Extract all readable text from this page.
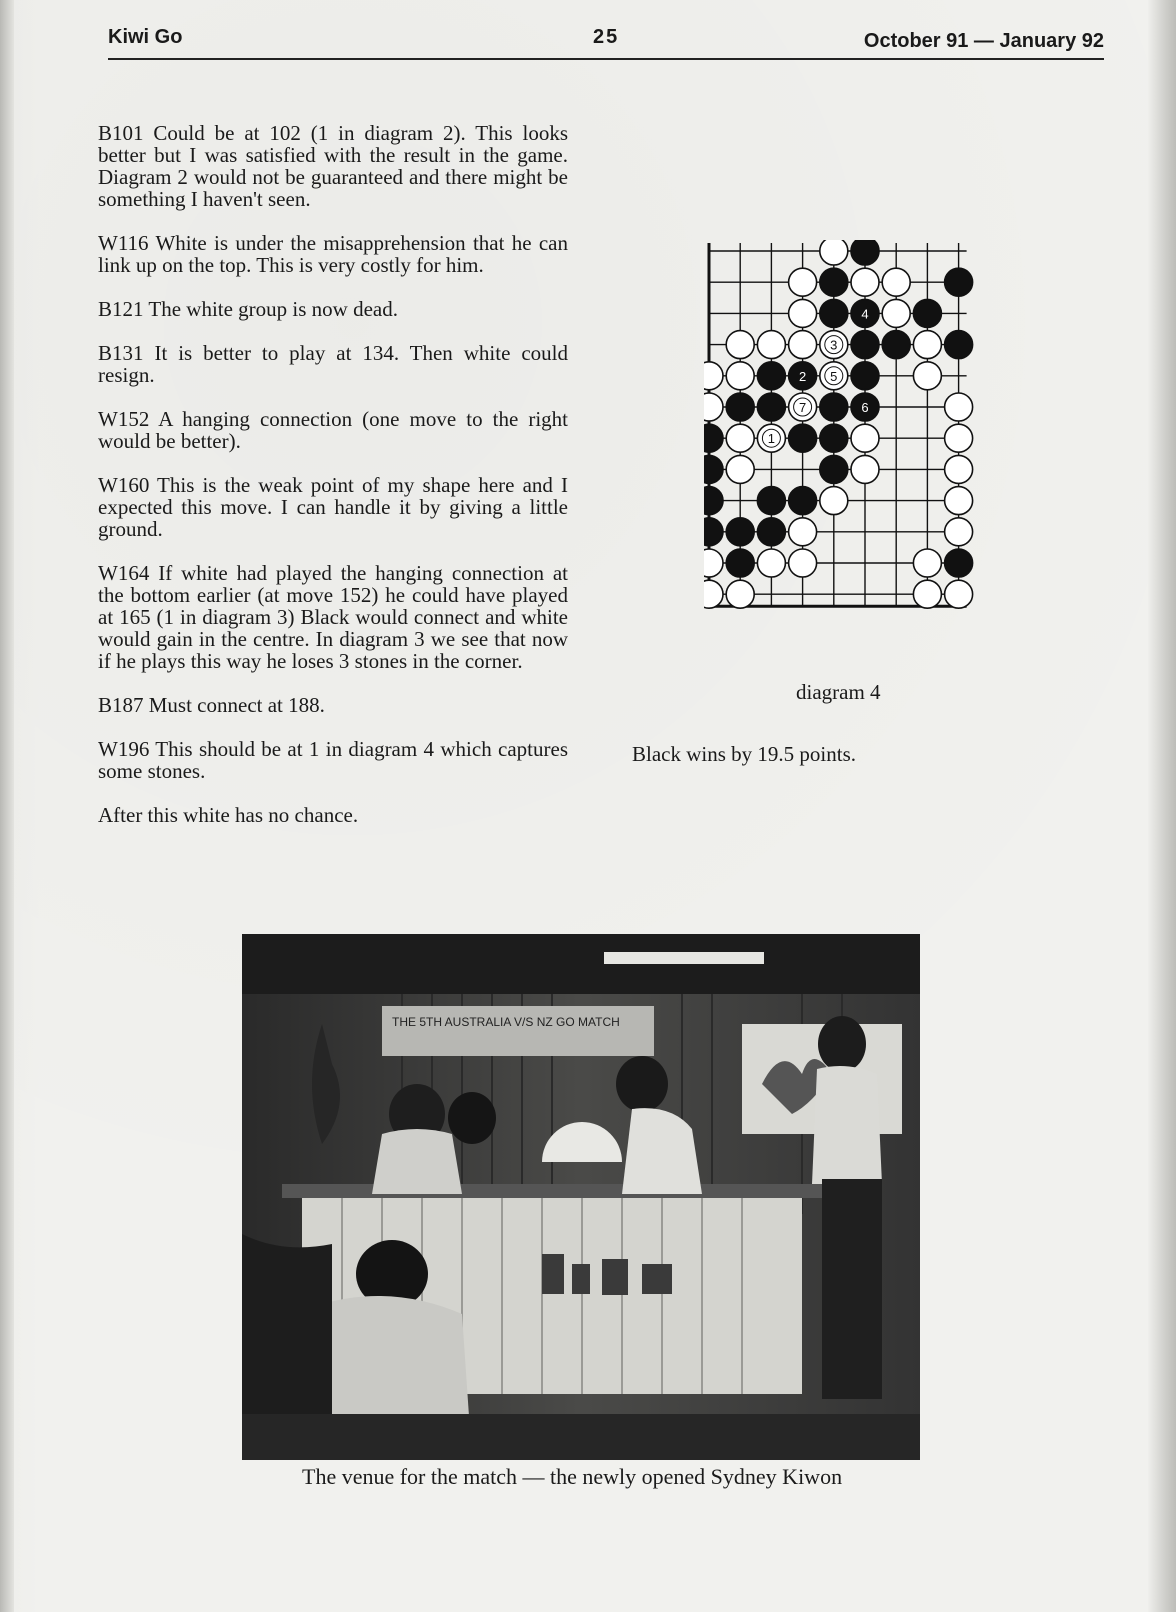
Kiwi Go	25	October 91 — January 92

B101 Could be at 102 (1 in diagram 2). This looks better but I was satisfied with the result in the game. Diagram 2 would not be guaranteed and there might be something I haven't seen.

W116 White is under the misapprehension that he can link up on the top. This is very costly for him.

B121 The white group is now dead.

B131 It is better to play at 134. Then white could resign.

W152 A hanging connection (one move to the right would be better).

W160 This is the weak point of my shape here and I expected this move. I can handle it by giving a little ground.

W164 If white had played the hanging connection at the bottom earlier (at move 152) he could have played at 165 (1 in diagram 3) Black would connect and white would gain in the centre. In diagram 3 we see that now if he plays this way he loses 3 stones in the corner.

B187 Must connect at 188.

W196 This should be at 1 in diagram 4 which captures some stones.

After this white has no chance.

4
3
2 5
7	6
1
diagram 4
Black wins by 19.5 points.
THE 5TH AUSTRALIA V/S NZ GO MATCH
The venue for the match — the newly opened Sydney Kiwon
